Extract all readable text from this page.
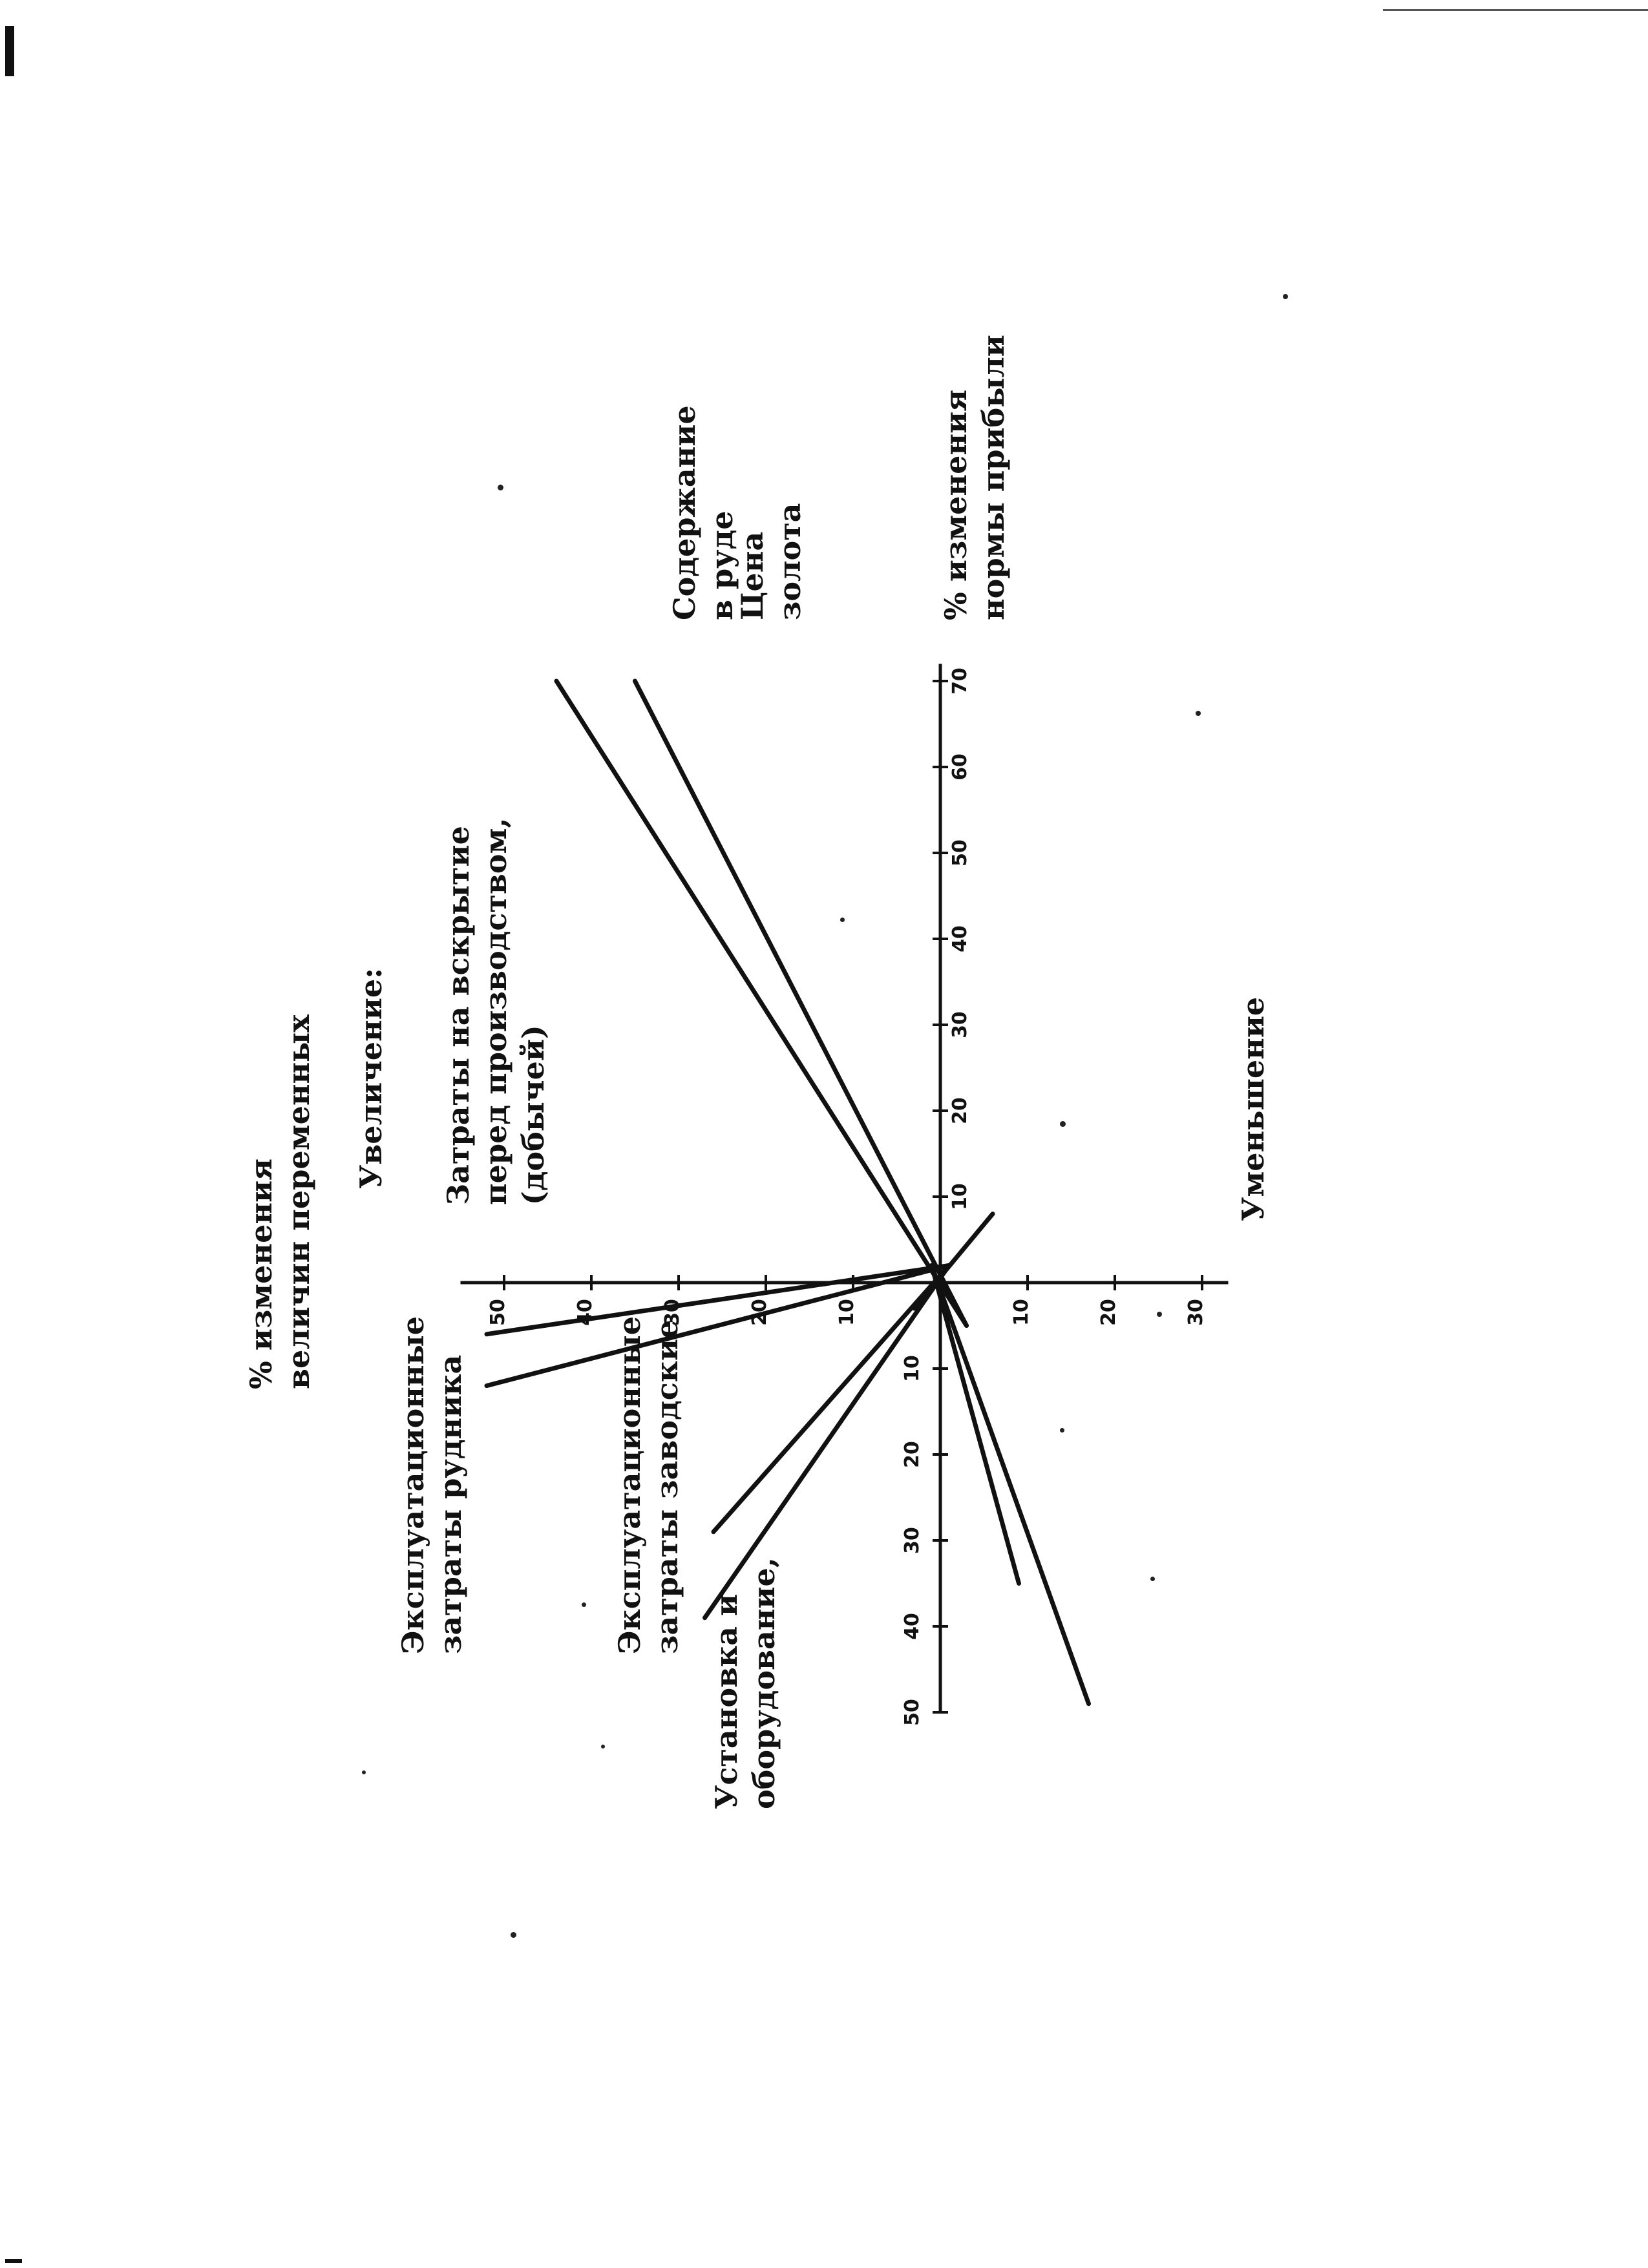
10
20
30
40
50
60
70
10
20
30
40
50
10
20
30
40
50	10	20	30
% изменения величин переменных Увеличение:	Уменьшение
% изменения нормы прибыли
Содержание в руде
Цена золота
Затраты на вскрытие перед производством, (добычей)
Эксплуатационные затраты рудника	Эксплуатационные затраты заводские
Установка и оборудование,
